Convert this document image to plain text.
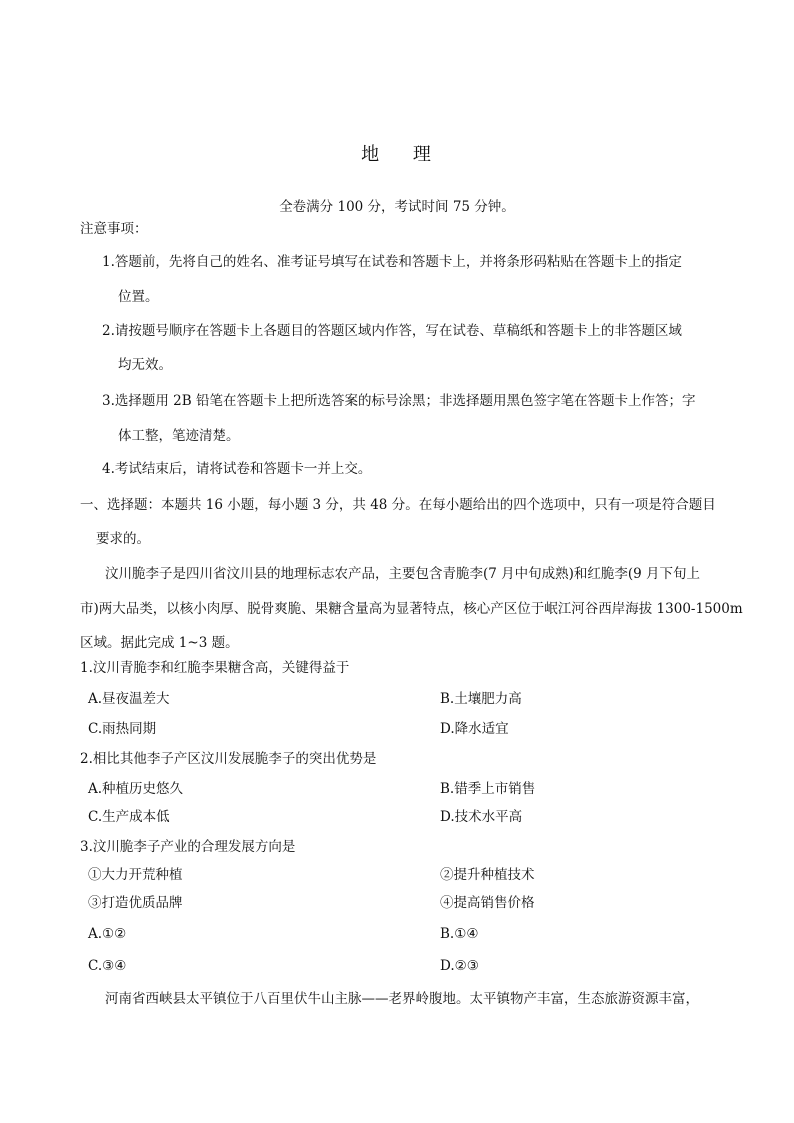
地 理
全卷满分 100 分，考试时间 75 分钟。
注意事项：
1.答题前，先将自己的姓名、准考证号填写在试卷和答题卡上，并将条形码粘贴在答题卡上的指定
位置。
2.请按题号顺序在答题卡上各题目的答题区域内作答，写在试卷、草稿纸和答题卡上的非答题区域
均无效。
3.选择题用 2B 铅笔在答题卡上把所选答案的标号涂黑；非选择题用黑色签字笔在答题卡上作答；字
体工整，笔迹清楚。
4.考试结束后，请将试卷和答题卡一并上交。
一、选择题：本题共 16 小题，每小题 3 分，共 48 分。在每小题给出的四个选项中，只有一项是符合题目
要求的。
汶川脆李子是四川省汶川县的地理标志农产品，主要包含青脆李(7 月中旬成熟)和红脆李(9 月下旬上
市)两大品类，以核小肉厚、脱骨爽脆、果糖含量高为显著特点，核心产区位于岷江河谷西岸海拔 1300-1500m
区域。据此完成 1~3 题。
1.汶川青脆李和红脆李果糖含高，关键得益于
A.昼夜温差大	B.土壤肥力高
C.雨热同期	D.降水适宜
2.相比其他李子产区汶川发展脆李子的突出优势是
A.种植历史悠久	B.错季上市销售
C.生产成本低	D.技术水平高
3.汶川脆李子产业的合理发展方向是
①大力开荒种植	②提升种植技术
③打造优质品牌	④提高销售价格
A.①②	B.①④
C.③④	D.②③
河南省西峡县太平镇位于八百里伏牛山主脉——老界岭腹地。太平镇物产丰富，生态旅游资源丰富，
